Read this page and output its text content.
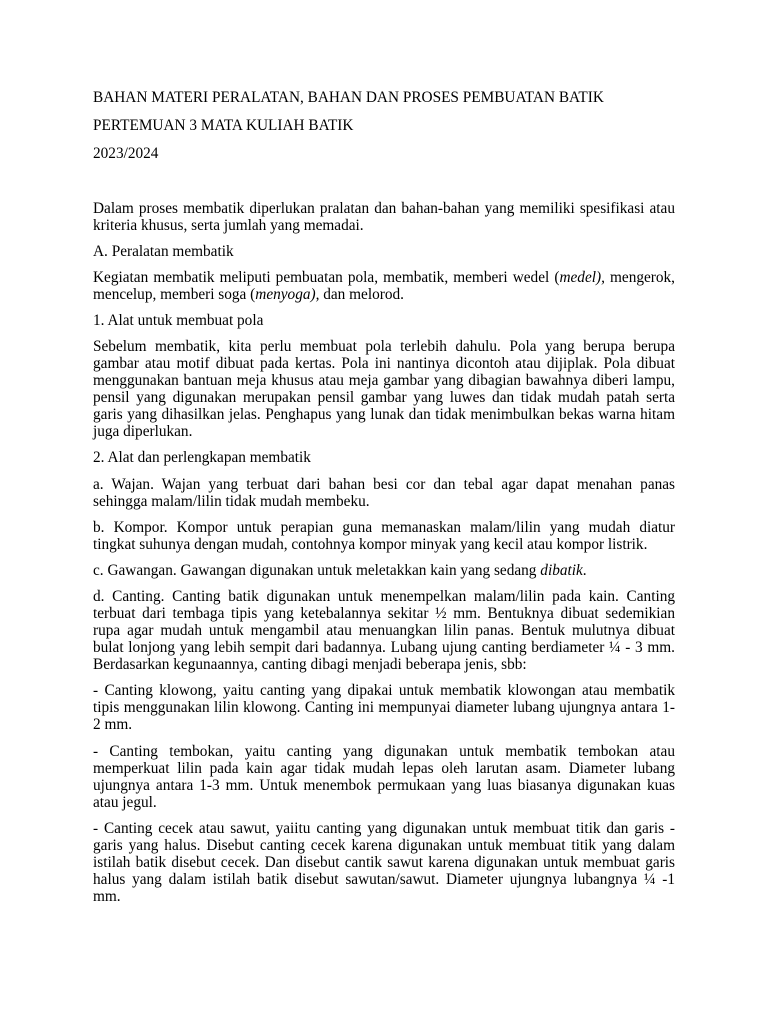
BAHAN MATERI PERALATAN, BAHAN DAN PROSES PEMBUATAN BATIK
PERTEMUAN 3 MATA KULIAH BATIK
2023/2024
Dalam proses membatik diperlukan pralatan dan bahan-bahan yang memiliki spesifikasi atau
kriteria khusus, serta jumlah yang memadai.
A. Peralatan membatik
Kegiatan membatik meliputi pembuatan pola, membatik, memberi wedel (medel), mengerok,
mencelup, memberi soga (menyoga), dan melorod.
1. Alat untuk membuat pola
Sebelum membatik, kita perlu membuat pola terlebih dahulu. Pola yang berupa berupa
gambar atau motif dibuat pada kertas. Pola ini nantinya dicontoh atau dijiplak. Pola dibuat
menggunakan bantuan meja khusus atau meja gambar yang dibagian bawahnya diberi lampu,
pensil yang digunakan merupakan pensil gambar yang luwes dan tidak mudah patah serta
garis yang dihasilkan jelas. Penghapus yang lunak dan tidak menimbulkan bekas warna hitam
juga diperlukan.
2. Alat dan perlengkapan membatik
a. Wajan. Wajan yang terbuat dari bahan besi cor dan tebal agar dapat menahan panas
sehingga malam/lilin tidak mudah membeku.
b. Kompor. Kompor untuk perapian guna memanaskan malam/lilin yang mudah diatur
tingkat suhunya dengan mudah, contohnya kompor minyak yang kecil atau kompor listrik.
c. Gawangan. Gawangan digunakan untuk meletakkan kain yang sedang dibatik.
d. Canting. Canting batik digunakan untuk menempelkan malam/lilin pada kain. Canting
terbuat dari tembaga tipis yang ketebalannya sekitar ½ mm. Bentuknya dibuat sedemikian
rupa agar mudah untuk mengambil atau menuangkan lilin panas. Bentuk mulutnya dibuat
bulat lonjong yang lebih sempit dari badannya. Lubang ujung canting berdiameter ¼ - 3 mm.
Berdasarkan kegunaannya, canting dibagi menjadi beberapa jenis, sbb:
- Canting klowong, yaitu canting yang dipakai untuk membatik klowongan atau membatik
tipis menggunakan lilin klowong. Canting ini mempunyai diameter lubang ujungnya antara 1-
2 mm.
- Canting tembokan, yaitu canting yang digunakan untuk membatik tembokan atau
memperkuat lilin pada kain agar tidak mudah lepas oleh larutan asam. Diameter lubang
ujungnya antara 1-3 mm. Untuk menembok permukaan yang luas biasanya digunakan kuas
atau jegul.
- Canting cecek atau sawut, yaiitu canting yang digunakan untuk membuat titik dan garis -
garis yang halus. Disebut canting cecek karena digunakan untuk membuat titik yang dalam
istilah batik disebut cecek. Dan disebut cantik sawut karena digunakan untuk membuat garis
halus yang dalam istilah batik disebut sawutan/sawut. Diameter ujungnya lubangnya ¼ -1
mm.
